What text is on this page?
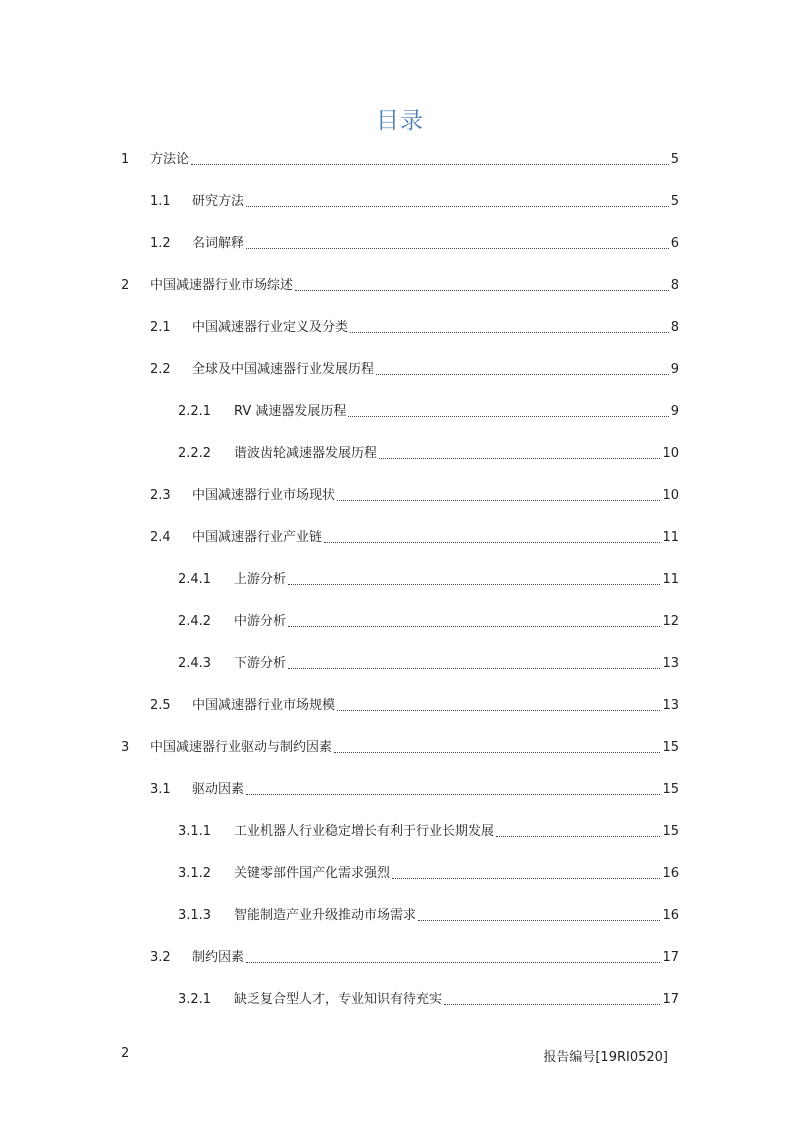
目录
1	方法论	5
1.1	研究方法	5
1.2	名词解释	6
2	中国减速器行业市场综述	8
2.1	中国减速器行业定义及分类	8
2.2	全球及中国减速器行业发展历程	9
2.2.1	RV 减速器发展历程	9
2.2.2	谐波齿轮减速器发展历程	10
2.3	中国减速器行业市场现状	10
2.4	中国减速器行业产业链	11
2.4.1	上游分析	11
2.4.2	中游分析	12
2.4.3	下游分析	13
2.5	中国减速器行业市场规模	13
3	中国减速器行业驱动与制约因素	15
3.1	驱动因素	15
3.1.1	工业机器人行业稳定增长有利于行业长期发展	15
3.1.2	关键零部件国产化需求强烈	16
3.1.3	智能制造产业升级推动市场需求	16
3.2	制约因素	17
3.2.1	缺乏复合型人才，专业知识有待充实	17
2	报告编号[19RI0520]
